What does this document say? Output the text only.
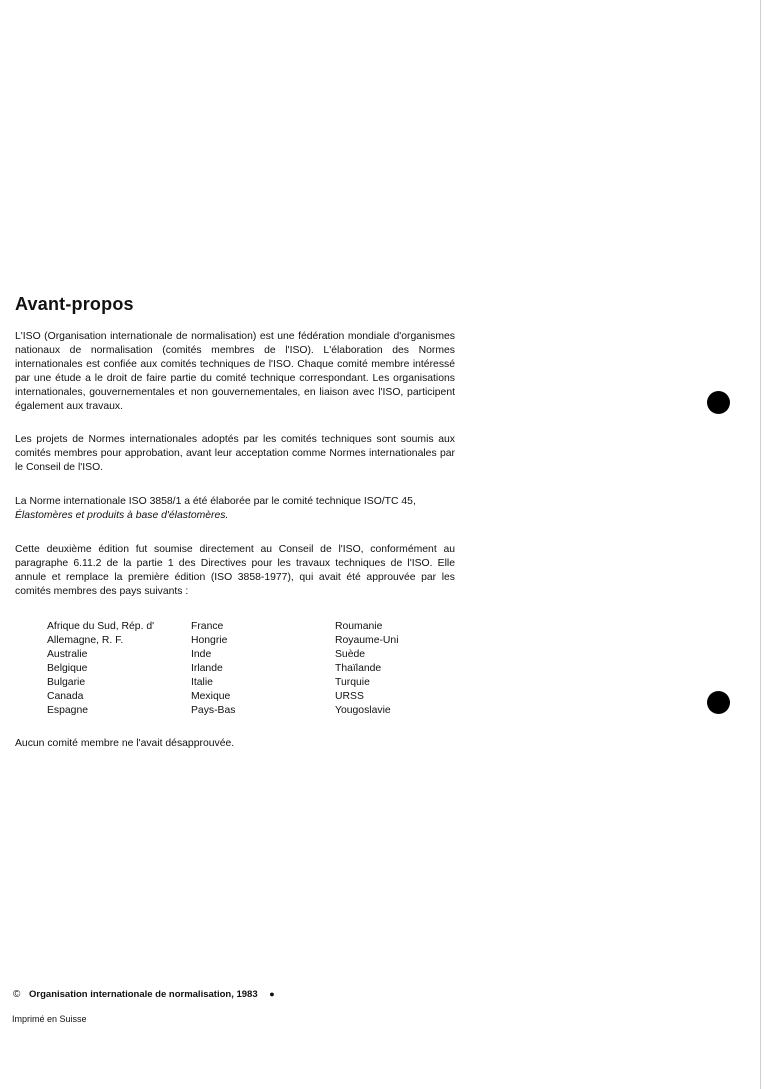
Avant-propos

L'ISO (Organisation internationale de normalisation) est une fédération mondiale d'organismes nationaux de normalisation (comités membres de l'ISO). L'élaboration des Normes internationales est confiée aux comités techniques de l'ISO. Chaque comité membre intéressé par une étude a le droit de faire partie du comité technique correspondant. Les organisations internationales, gouvernementales et non gouvernementales, en liaison avec l'ISO, participent également aux travaux.

Les projets de Normes internationales adoptés par les comités techniques sont soumis aux comités membres pour approbation, avant leur acceptation comme Normes internationales par le Conseil de l'ISO.

La Norme internationale ISO 3858/1 a été élaborée par le comité technique ISO/TC 45,
Élastomères et produits à base d'élastomères.

Cette deuxième édition fut soumise directement au Conseil de l'ISO, conformément au paragraphe 6.11.2 de la partie 1 des Directives pour les travaux techniques de l'ISO. Elle annule et remplace la première édition (ISO 3858-1977), qui avait été approuvée par les comités membres des pays suivants :

Afrique du Sud, Rép. d'
Allemagne, R. F.
Australie
Belgique
Bulgarie
Canada
Espagne
France
Hongrie
Inde
Irlande
Italie
Mexique
Pays-Bas
Roumanie
Royaume-Uni
Suède
Thaïlande
Turquie
URSS
Yougoslavie

Aucun comité membre ne l'avait désapprouvée.

© Organisation internationale de normalisation, 1983 ●
Imprimé en Suisse
